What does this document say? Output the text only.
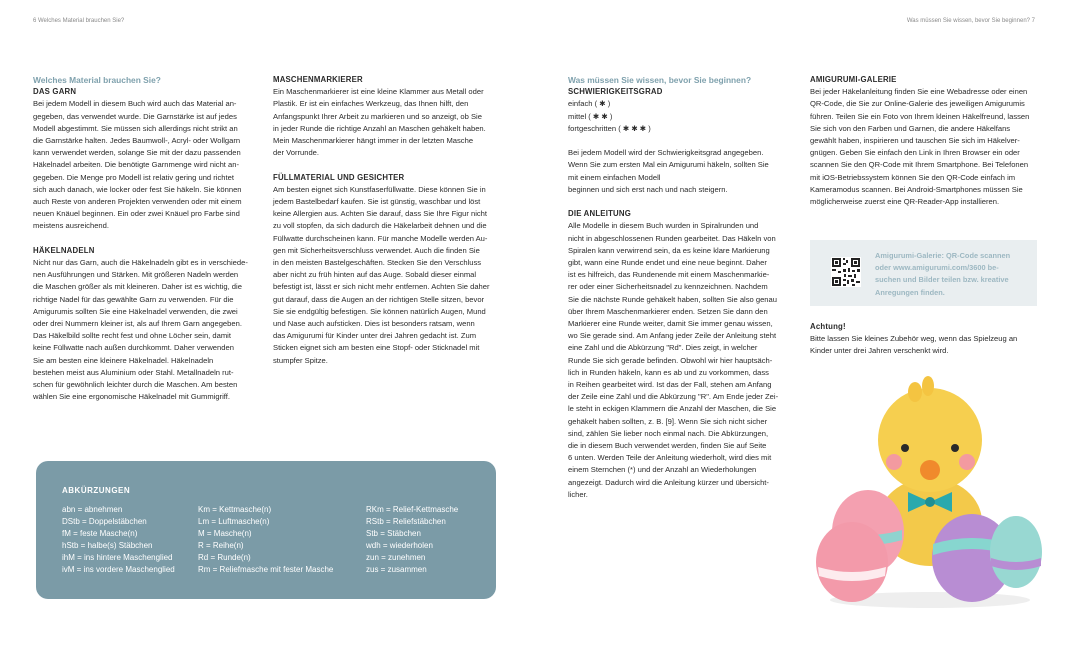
6 Welches Material brauchen Sie?	Was müssen Sie wissen, bevor Sie beginnen? 7

Welches Material brauchen Sie?

DAS GARN

Bei jedem Modell in diesem Buch wird auch das Material an-

gegeben, das verwendet wurde. Die Garnstärke ist auf jedes

Modell abgestimmt. Sie müssen sich allerdings nicht strikt an

die Garnstärke halten. Jedes Baumwoll-, Acryl- oder Wollgarn

kann verwendet werden, solange Sie mit der dazu passenden

Häkelnadel arbeiten. Die benötigte Garnmenge wird nicht an-

gegeben. Die Menge pro Modell ist relativ gering und richtet

sich auch danach, wie locker oder fest Sie häkeln. Sie können

auch Reste von anderen Projekten verwenden oder mit einem

neuen Knäuel beginnen. Ein oder zwei Knäuel pro Farbe sind

meistens ausreichend.

HÄKELNADELN

Nicht nur das Garn, auch die Häkelnadeln gibt es in verschiede-

nen Ausführungen und Stärken. Mit größeren Nadeln werden

die Maschen größer als mit kleineren. Daher ist es wichtig, die

richtige Nadel für das gewählte Garn zu verwenden. Für die

Amigurumis sollten Sie eine Häkelnadel verwenden, die zwei

oder drei Nummern kleiner ist, als auf Ihrem Garn angegeben.

Das Häkelbild sollte recht fest und ohne Löcher sein, damit

keine Füllwatte nach außen durchkommt. Daher verwenden

Sie am besten eine kleinere Häkelnadel. Häkelnadeln

bestehen meist aus Aluminium oder Stahl. Metallnadeln rut-

schen für gewöhnlich leichter durch die Maschen. Am besten

wählen Sie eine ergonomische Häkelnadel mit Gummigriff.

MASCHENMARKIERER

Ein Maschenmarkierer ist eine kleine Klammer aus Metall oder

Plastik. Er ist ein einfaches Werkzeug, das Ihnen hilft, den

Anfangspunkt Ihrer Arbeit zu markieren und so anzeigt, ob Sie

in jeder Runde die richtige Anzahl an Maschen gehäkelt haben.

Mein Maschenmarkierer hängt immer in der letzten Masche

der Vorrunde.

FÜLLMATERIAL UND GESICHTER

Am besten eignet sich Kunstfaserfüllwatte. Diese können Sie in

jedem Bastelbedarf kaufen. Sie ist günstig, waschbar und löst

keine Allergien aus. Achten Sie darauf, dass Sie Ihre Figur nicht

zu voll stopfen, da sich dadurch die Häkelarbeit dehnen und die

Füllwatte durchscheinen kann. Für manche Modelle werden Au-

gen mit Sicherheitsverschluss verwendet. Auch die finden Sie

in den meisten Bastelgeschäften. Stecken Sie den Verschluss

aber nicht zu früh hinten auf das Auge. Sobald dieser einmal

befestigt ist, lässt er sich nicht mehr entfernen. Achten Sie daher

gut darauf, dass die Augen an der richtigen Stelle sitzen, bevor

Sie sie endgültig befestigen. Sie können natürlich Augen, Mund

und Nase auch aufsticken. Dies ist besonders ratsam, wenn

das Amigurumi für Kinder unter drei Jahren gedacht ist. Zum

Sticken eignet sich am besten eine Stopf- oder Sticknadel mit

stumpfer Spitze.

ABKÜRZUNGEN
abn = abnehmen
DStb = Doppelstäbchen
fM = feste Masche(n)
hStb = halbe(s) Stäbchen
ihM = ins hintere Maschenglied
ivM = ins vordere Maschenglied
Km = Kettmasche(n)
Lm = Luftmasche(n)
M = Masche(n)
R = Reihe(n)
Rd = Runde(n)
Rm = Reliefmasche mit fester Masche
RKm = Relief-Kettmasche
RStb = Reliefstäbchen
Stb = Stäbchen
wdh = wiederholen
zun = zunehmen
zus = zusammen

Was müssen Sie wissen, bevor Sie beginnen?

SCHWIERIGKEITSGRAD

einfach ( ✱ )

mittel ( ✱ ✱ )

fortgeschritten ( ✱ ✱ ✱ )

Bei jedem Modell wird der Schwierigkeitsgrad angegeben.

Wenn Sie zum ersten Mal ein Amigurumi häkeln, sollten Sie

mit einem einfachen Modell

beginnen und sich erst nach und nach steigern.

DIE ANLEITUNG

Alle Modelle in diesem Buch wurden in Spiralrunden und

nicht in abgeschlossenen Runden gearbeitet. Das Häkeln von

Spiralen kann verwirrend sein, da es keine klare Markierung

gibt, wann eine Runde endet und eine neue beginnt. Daher

ist es hilfreich, das Rundenende mit einem Maschenmarkie-

rer oder einer Sicherheitsnadel zu kennzeichnen. Nachdem

Sie die nächste Runde gehäkelt haben, sollten Sie also genau

über Ihrem Maschenmarkierer enden. Setzen Sie dann den

Markierer eine Runde weiter, damit Sie immer genau wissen,

wo Sie gerade sind. Am Anfang jeder Zeile der Anleitung steht

eine Zahl und die Abkürzung "Rd". Dies zeigt, in welcher

Runde Sie sich gerade befinden. Obwohl wir hier hauptsäch-

lich in Runden häkeln, kann es ab und zu vorkommen, dass

in Reihen gearbeitet wird. Ist das der Fall, stehen am Anfang

der Zeile eine Zahl und die Abkürzung "R". Am Ende jeder Zei-

le steht in eckigen Klammern die Anzahl der Maschen, die Sie

gehäkelt haben sollten, z. B. [9]. Wenn Sie sich nicht sicher

sind, zählen Sie lieber noch einmal nach. Die Abkürzungen,

die in diesem Buch verwendet werden, finden Sie auf Seite

6 unten. Werden Teile der Anleitung wiederholt, wird dies mit

einem Sternchen (*) und der Anzahl an Wiederholungen

angezeigt. Dadurch wird die Anleitung kürzer und übersicht-

licher.

AMIGURUMI-GALERIE

Bei jeder Häkelanleitung finden Sie eine Webadresse oder einen

QR-Code, die Sie zur Online-Galerie des jeweiligen Amigurumis

führen. Teilen Sie ein Foto von Ihrem kleinen Häkelfreund, lassen

Sie sich von den Farben und Garnen, die andere Häkelfans

gewählt haben, inspirieren und tauschen Sie sich im Häkelver-

gnügen. Geben Sie einfach den Link in Ihren Browser ein oder

scannen Sie den QR-Code mit Ihrem Smartphone. Bei Telefonen

mit iOS-Betriebssystem können Sie den QR-Code einfach im

Kameramodus scannen. Bei Android-Smartphones müssen Sie

möglicherweise zuerst eine QR-Reader-App installieren.

Amigurumi-Galerie: QR-Code scannen
oder www.amigurumi.com/3600 be-
suchen und Bilder teilen bzw. kreative
Anregungen finden.

Achtung!

Bitte lassen Sie kleines Zubehör weg, wenn das Spielzeug an

Kinder unter drei Jahren verschenkt wird.
